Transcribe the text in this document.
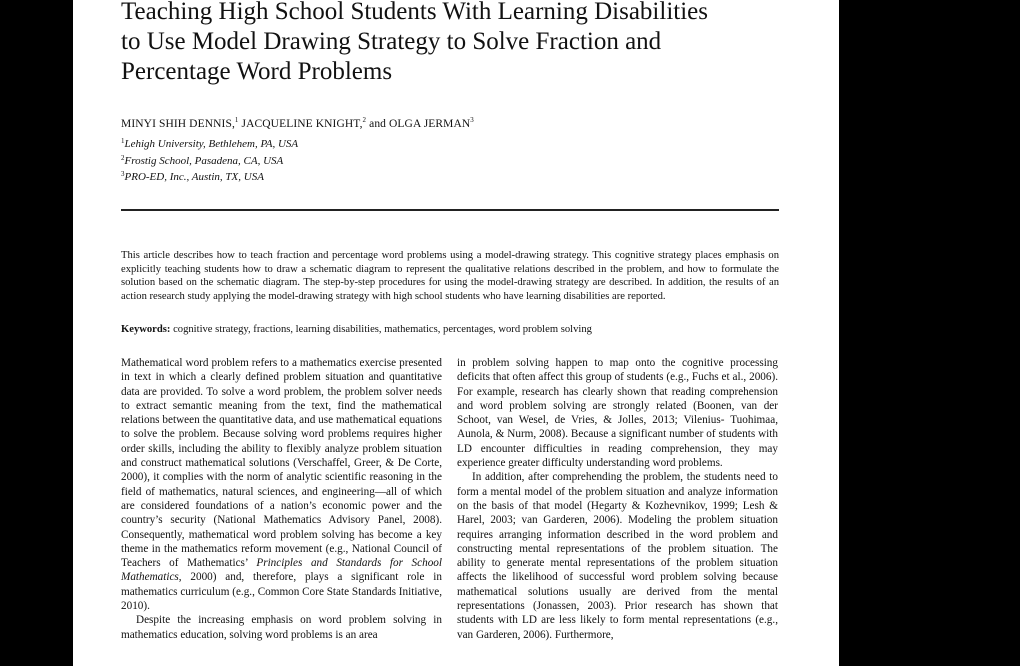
Teaching High School Students With Learning Disabilities
to Use Model Drawing Strategy to Solve Fraction and
Percentage Word Problems
MINYI SHIH DENNIS,$^1$ JACQUELINE KNIGHT,$^2$ and OLGA JERMAN$^3$
$^1$Lehigh University, Bethlehem, PA, USA
$^2$Frostig School, Pasadena, CA, USA
$^3$PRO-ED, Inc., Austin, TX, USA

This article describes how to teach fraction and percentage word problems using a model-drawing strategy. This cognitive strategy places emphasis on explicitly teaching students how to draw a schematic diagram to represent the qualitative relations described in the problem, and how to formulate the solution based on the schematic diagram. The step-by-step procedures for using the model-drawing strategy are described. In addition, the results of an action research study applying the model-drawing strategy with high school students who have learning disabilities are reported.

Keywords: cognitive strategy, fractions, learning disabilities, mathematics, percentages, word problem solving

Mathematical word problem refers to a mathematics exercise presented in text in which a clearly defined problem situation and quantitative data are provided. To solve a word problem, the problem solver needs to extract semantic meaning from the text, find the mathematical relations between the quantitative data, and use mathematical equations to solve the problem. Because solving word problems requires higher order skills, including the ability to flexibly analyze problem situation and construct mathematical solutions (Verschaffel, Greer, & De Corte, 2000), it complies with the norm of analytic scientific reasoning in the field of mathematics, natural sciences, and engineering—all of which are considered foundations of a nation’s economic power and the country’s security (National Mathematics Advisory Panel, 2008). Consequently, mathematical word problem solving has become a key theme in the mathematics reform movement (e.g., National Council of Teachers of Mathematics’ Principles and Standards for School Mathematics, 2000) and, therefore, plays a significant role in mathematics curriculum (e.g., Common Core State Standards Initiative, 2010).

Despite the increasing emphasis on word problem solving in mathematics education, solving word problems is an area

in problem solving happen to map onto the cognitive processing deficits that often affect this group of students (e.g., Fuchs et al., 2006). For example, research has clearly shown that reading comprehension and word problem solving are strongly related (Boonen, van der Schoot, van Wesel, de Vries, & Jolles, 2013; Vilenius- Tuohimaa, Aunola, & Nurm, 2008). Because a significant number of students with LD encounter difficulties in reading comprehension, they may experience greater difficulty understanding word problems.

In addition, after comprehending the problem, the students need to form a mental model of the problem situation and analyze information on the basis of that model (Hegarty & Kozhevnikov, 1999; Lesh & Harel, 2003; van Garderen, 2006). Modeling the problem situation requires arranging information described in the word problem and constructing mental representations of the problem situation. The ability to generate mental representations of the problem situation affects the likelihood of successful word problem solving because mathematical solutions usually are derived from the mental representations (Jonassen, 2003). Prior research has shown that students with LD are less likely to form mental representations (e.g., van Garderen, 2006). Furthermore,
